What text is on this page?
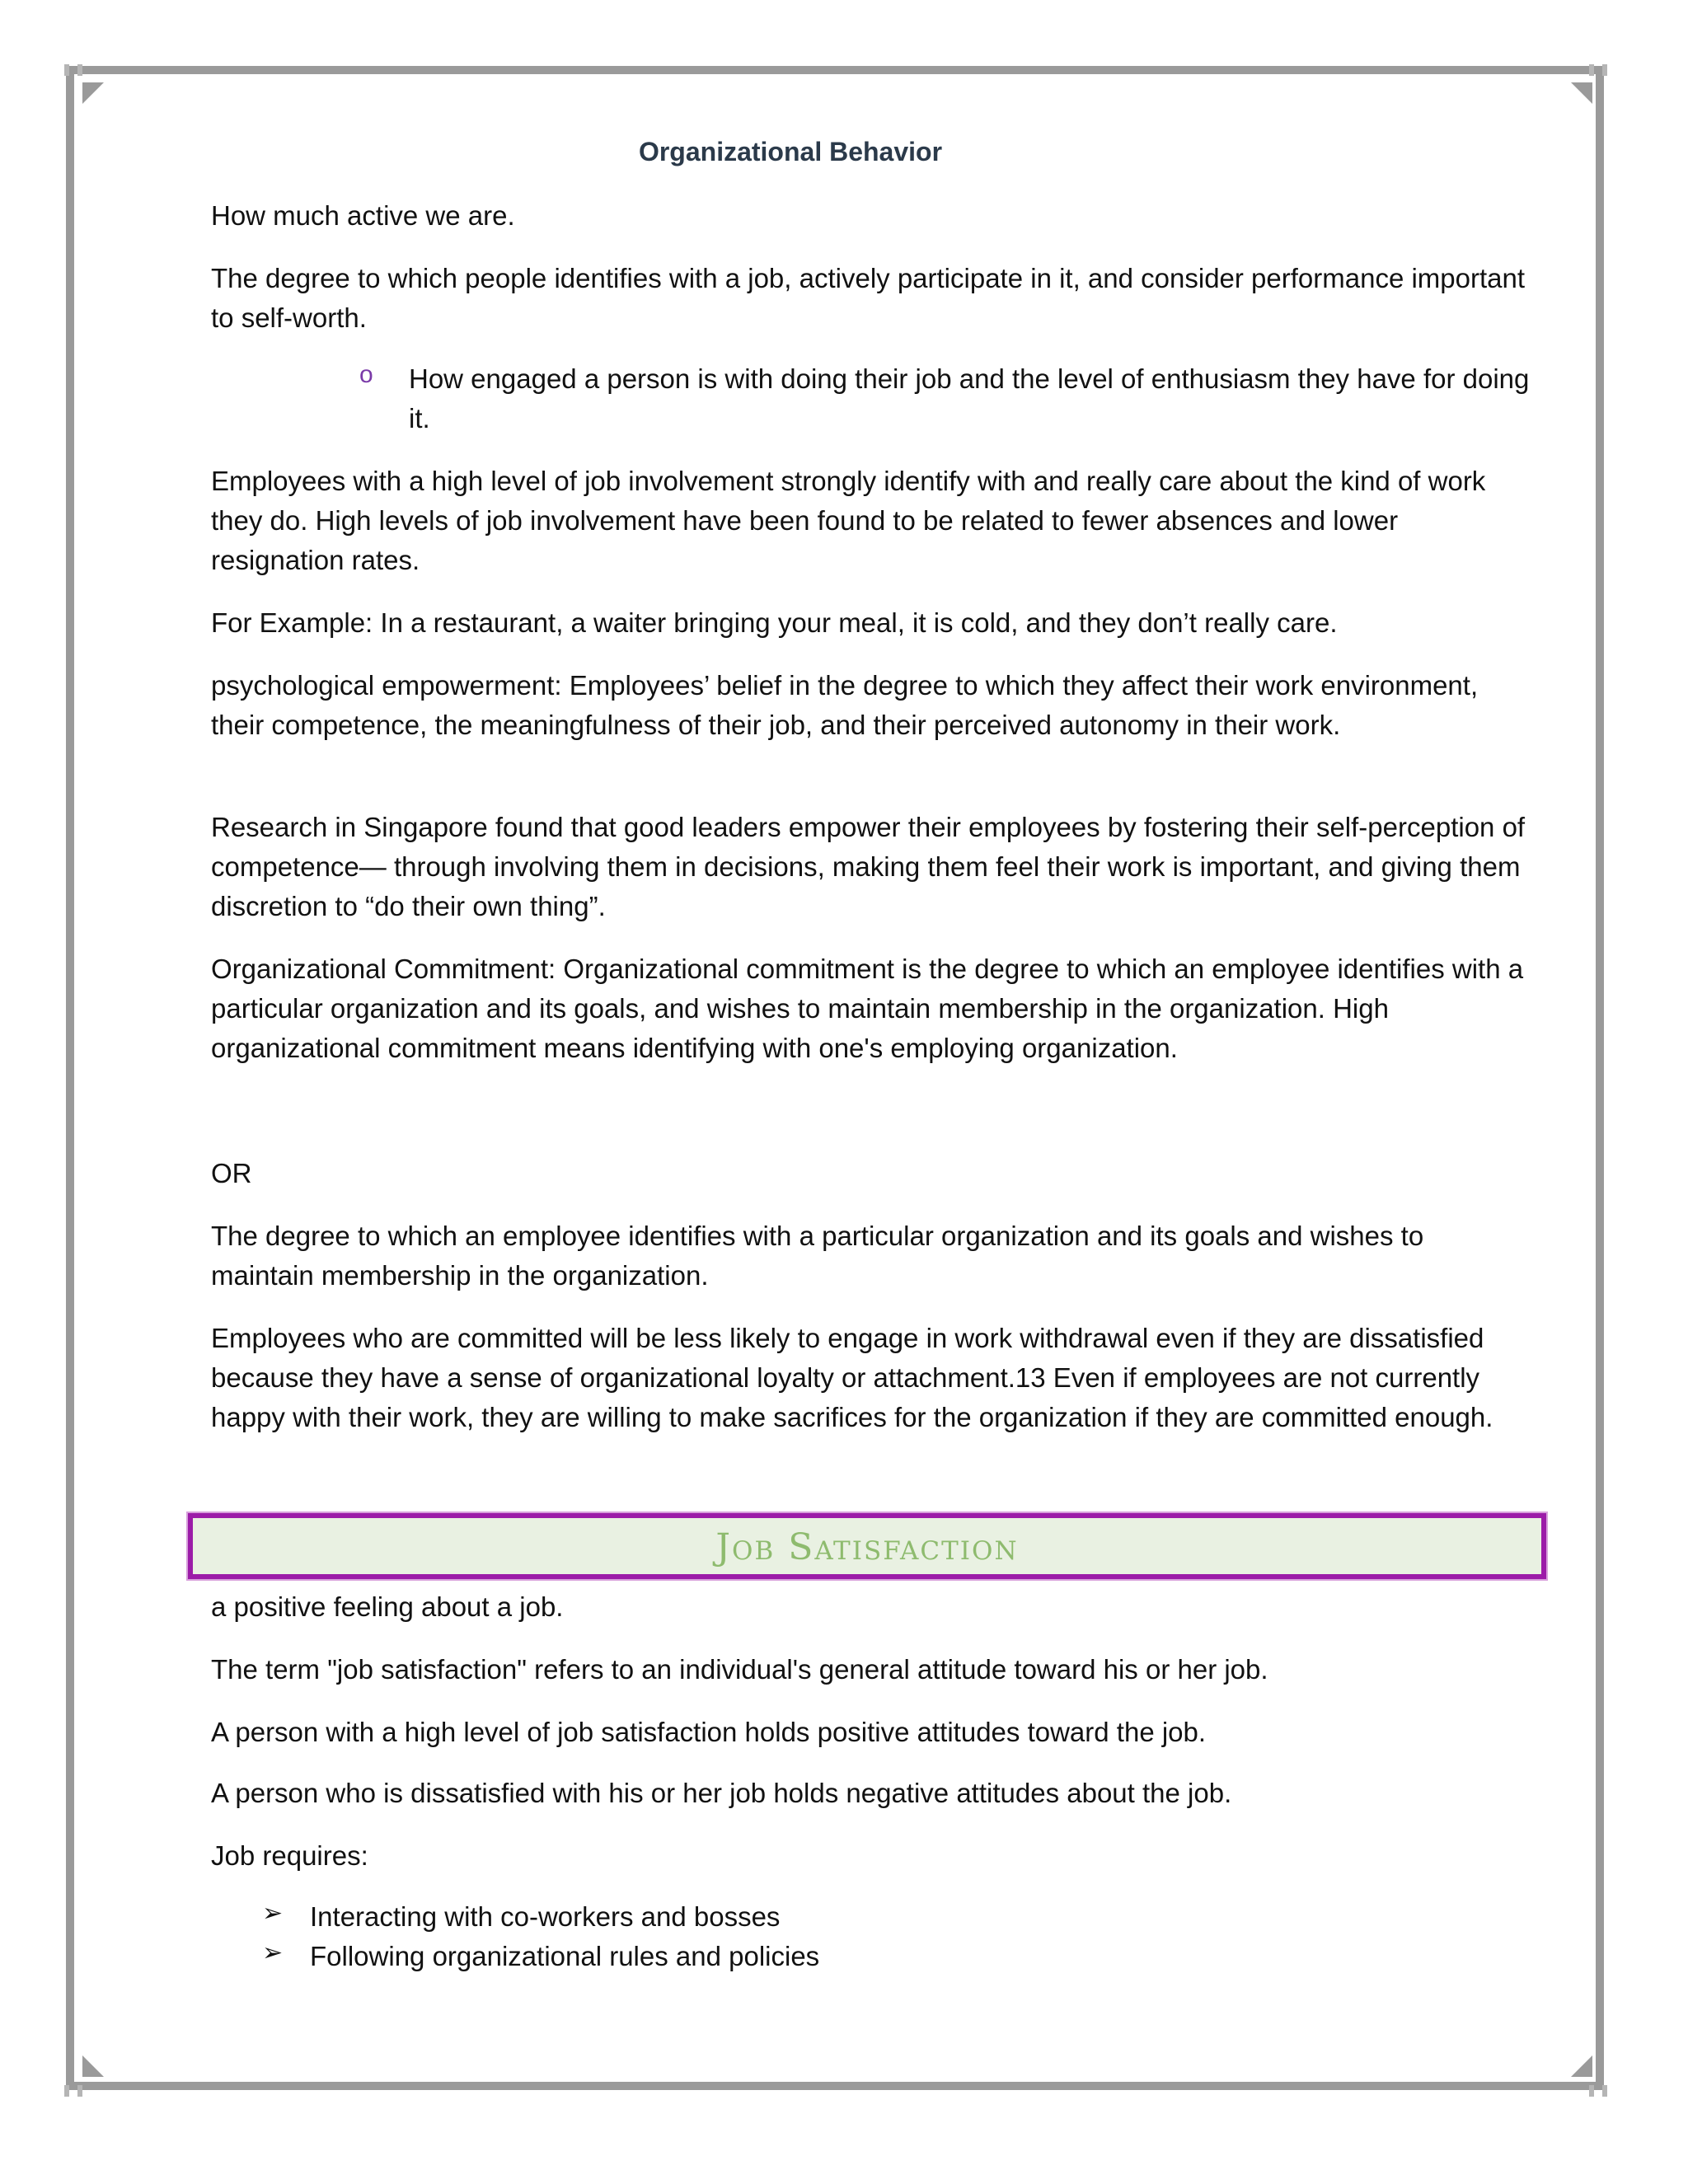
Organizational Behavior

How much active we are.

The degree to which people identifies with a job, actively participate in it, and consider performance important to self-worth.

o How engaged a person is with doing their job and the level of enthusiasm they have for doing it.

Employees with a high level of job involvement strongly identify with and really care about the kind of work they do. High levels of job involvement have been found to be related to fewer absences and lower resignation rates.

For Example: In a restaurant, a waiter bringing your meal, it is cold, and they don’t really care.

psychological empowerment: Employees’ belief in the degree to which they affect their work environment, their competence, the meaningfulness of their job, and their perceived autonomy in their work.

Research in Singapore found that good leaders empower their employees by fostering their self-perception of competence— through involving them in decisions, making them feel their work is important, and giving them discretion to “do their own thing”.

Organizational Commitment: Organizational commitment is the degree to which an employee identifies with a particular organization and its goals, and wishes to maintain membership in the organization. High organizational commitment means identifying with one's employing organization.

OR

The degree to which an employee identifies with a particular organization and its goals and wishes to maintain membership in the organization.

Employees who are committed will be less likely to engage in work withdrawal even if they are dissatisfied because they have a sense of organizational loyalty or attachment.13 Even if employees are not currently happy with their work, they are willing to make sacrifices for the organization if they are committed enough.

Job Satisfaction

a positive feeling about a job.

The term "job satisfaction" refers to an individual's general attitude toward his or her job.

A person with a high level of job satisfaction holds positive attitudes toward the job.

A person who is dissatisfied with his or her job holds negative attitudes about the job.

Job requires:

➢ Interacting with co-workers and bosses
➢ Following organizational rules and policies
